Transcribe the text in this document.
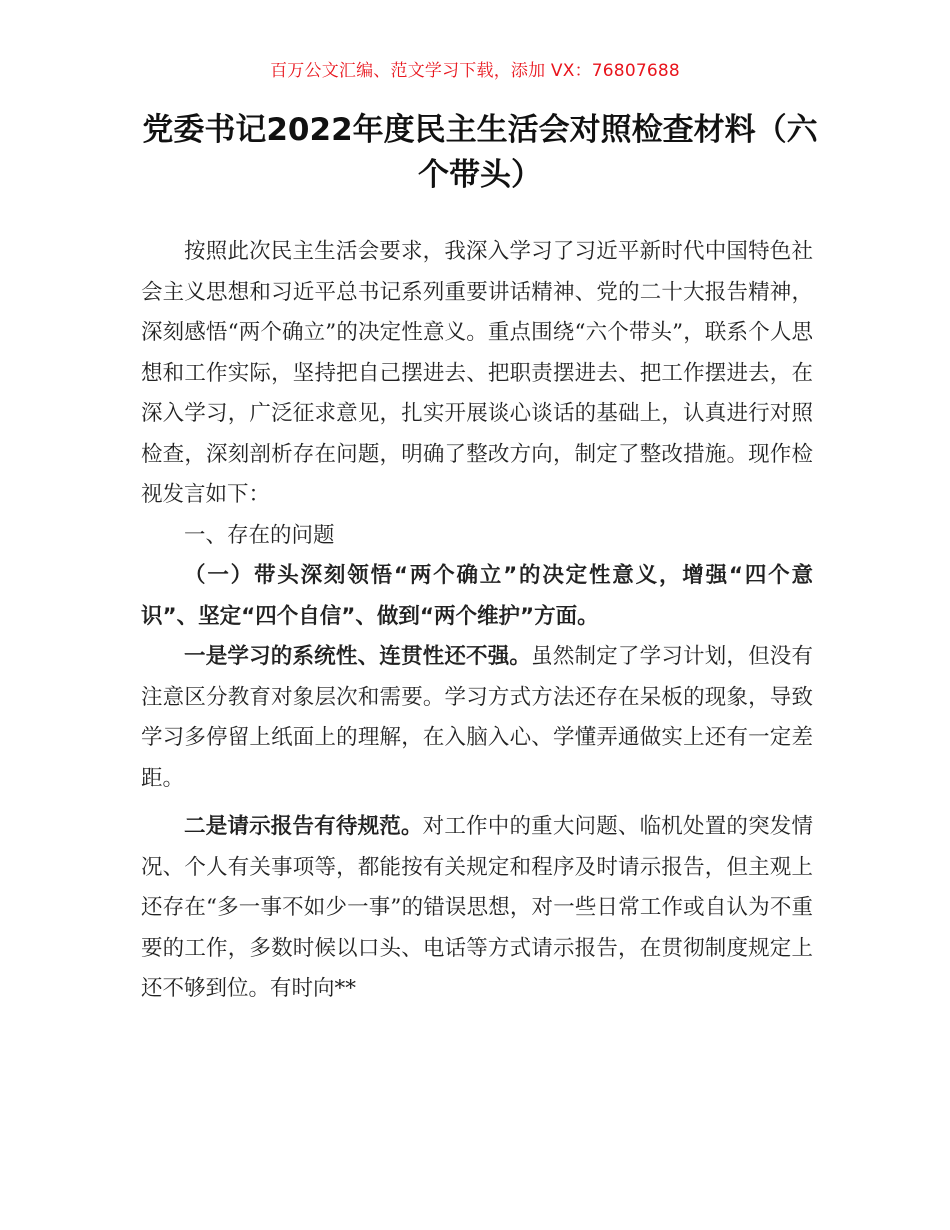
百万公文汇编、范文学习下载，添加 VX：76807688
党委书记2022年度民主生活会对照检查材料（六个带头）

按照此次民主生活会要求，我深入学习了习近平新时代中国特色社会主义思想和习近平总书记系列重要讲话精神、党的二十大报告精神，深刻感悟“两个确立”的决定性意义。重点围绕“六个带头”，联系个人思想和工作实际，坚持把自己摆进去、把职责摆进去、把工作摆进去，在深入学习，广泛征求意见，扎实开展谈心谈话的基础上，认真进行对照检查，深刻剖析存在问题，明确了整改方向，制定了整改措施。现作检视发言如下：

一、存在的问题

（一）带头深刻领悟“两个确立”的决定性意义，增强“四个意识”、坚定“四个自信”、做到“两个维护”方面。

一是学习的系统性、连贯性还不强。虽然制定了学习计划，但没有注意区分教育对象层次和需要。学习方式方法还存在呆板的现象，导致学习多停留上纸面上的理解，在入脑入心、学懂弄通做实上还有一定差距。

二是请示报告有待规范。对工作中的重大问题、临机处置的突发情况、个人有关事项等，都能按有关规定和程序及时请示报告，但主观上还存在“多一事不如少一事”的错误思想，对一些日常工作或自认为不重要的工作，多数时候以口头、电话等方式请示报告，在贯彻制度规定上还不够到位。有时向**
